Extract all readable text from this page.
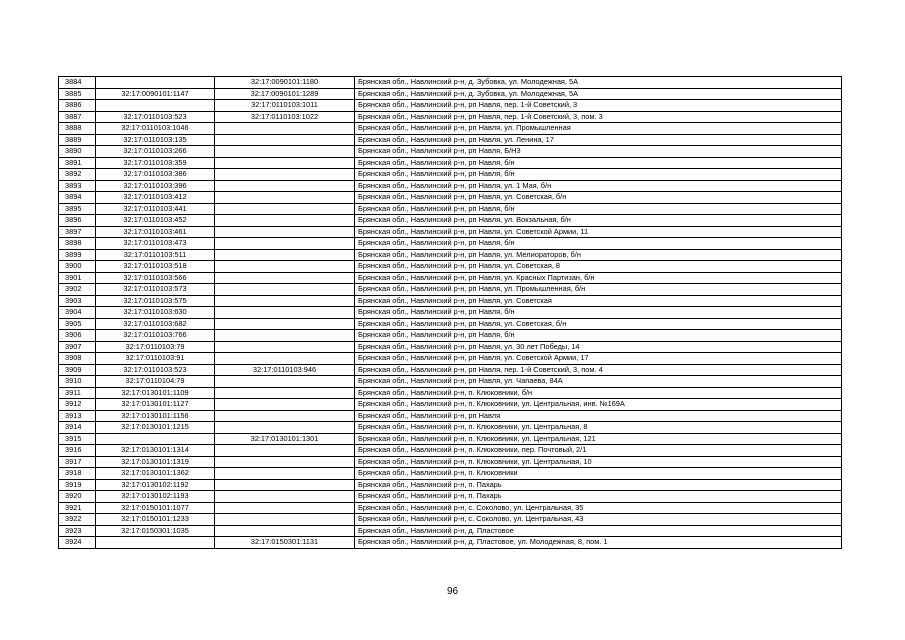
3884		32:17:0090101:1180	Брянская обл., Навлинский р-н, д. Зубовка, ул. Молодежная, 5А
3885	32:17:0090101:1147	32:17:0090101:1289	Брянская обл., Навлинский р-н, д. Зубовка, ул. Молодежная, 5А
3886		32:17:0110103:1011	Брянская обл., Навлинский р-н, рп Навля, пер. 1-й Советский, 3
3887	32:17:0110103:523	32:17:0110103:1022	Брянская обл., Навлинский р-н, рп Навля, пер. 1-й Советский, 3, пом. 3
3888	32:17:0110103:1046		Брянская обл., Навлинский р-н, рп Навля, ул. Промышленная
3889	32:17:0110103:135		Брянская обл., Навлинский р-н, рп Навля, ул. Ленина, 17
3890	32:17:0110103:266		Брянская обл., Навлинский р-н, рп Навля, Б/Н3
3891	32:17:0110103:359		Брянская обл., Навлинский р-н, рп Навля, б/н
3892	32:17:0110103:386		Брянская обл., Навлинский р-н, рп Навля, б/н
3893	32:17:0110103:396		Брянская обл., Навлинский р-н, рп Навля, ул. 1 Мая, б/н
3894	32:17:0110103:412		Брянская обл., Навлинский р-н, рп Навля, ул. Советская, б/н
3895	32:17:0110103:441		Брянская обл., Навлинский р-н, рп Навля, б/н
3896	32:17:0110103:452		Брянская обл., Навлинский р-н, рп Навля, ул. Вокзальная, б/н
3897	32:17:0110103:461		Брянская обл., Навлинский р-н, рп Навля, ул. Советской Армии, 11
3898	32:17:0110103:473		Брянская обл., Навлинский р-н, рп Навля, б/н
3899	32:17:0110103:511		Брянская обл., Навлинский р-н, рп Навля, ул. Мелиораторов, б/н
3900	32:17:0110103:518		Брянская обл., Навлинский р-н, рп Навля, ул. Советская, 8
3901	32:17:0110103:566		Брянская обл., Навлинский р-н, рп Навля, ул. Красных Партизан, б/н
3902	32:17:0110103:573		Брянская обл., Навлинский р-н, рп Навля, ул. Промышленная, б/н
3903	32:17:0110103:575		Брянская обл., Навлинский р-н, рп Навля, ул. Советская
3904	32:17:0110103:630		Брянская обл., Навлинский р-н, рп Навля, б/н
3905	32:17:0110103:682		Брянская обл., Навлинский р-н, рп Навля, ул. Советская, б/н
3906	32:17:0110103:766		Брянская обл., Навлинский р-н, рп Навля, б/н
3907	32:17:0110103:79		Брянская обл., Навлинский р-н, рп Навля, ул. 30 лет Победы, 14
3908	32:17:0110103:91		Брянская обл., Навлинский р-н, рп Навля, ул. Советской Армии, 17
3909	32:17:0110103:523	32:17:0110103:946	Брянская обл., Навлинский р-н, рп Навля, пер. 1-й Советский, 3, пом. 4
3910	32:17:0110104:79		Брянская обл., Навлинский р-н, рп Навля, ул. Чапаева, 84А
3911	32:17:0130101:1109		Брянская обл., Навлинский р-н, п. Клюковники, б/н
3912	32:17:0130101:1127		Брянская обл., Навлинский р-н, п. Клюковники, ул. Центральная, инв. №169А
3913	32:17:0130101:1156		Брянская обл., Навлинский р-н, рп Навля
3914	32:17:0130101:1215		Брянская обл., Навлинский р-н, п. Клюковники, ул. Центральная, 8
3915		32:17:0130101:1301	Брянская обл., Навлинский р-н, п. Клюковники, ул. Центральная, 121
3916	32:17:0130101:1314		Брянская обл., Навлинский р-н, п. Клюковники, пер. Почтовый, 2/1
3917	32:17:0130101:1319		Брянская обл., Навлинский р-н, п. Клюковники, ул. Центральная, 10
3918	32:17:0130101:1362		Брянская обл., Навлинский р-н, п. Клюковники
3919	32:17:0130102:1192		Брянская обл., Навлинский р-н, п. Пахарь
3920	32:17:0130102:1193		Брянская обл., Навлинский р-н, п. Пахарь
3921	32:17:0150101:1077		Брянская обл., Навлинский р-н, с. Соколово, ул. Центральная, 35
3922	32:17:0150101:1233		Брянская обл., Навлинский р-н, с. Соколово, ул. Центральная, 43
3923	32:17:0150301:1035		Брянская обл., Навлинский р-н, д. Пластовое
3924		32:17:0150301:1131	Брянская обл., Навлинский р-н, д. Пластовое, ул. Молодежная, 8, пом. 1
96
